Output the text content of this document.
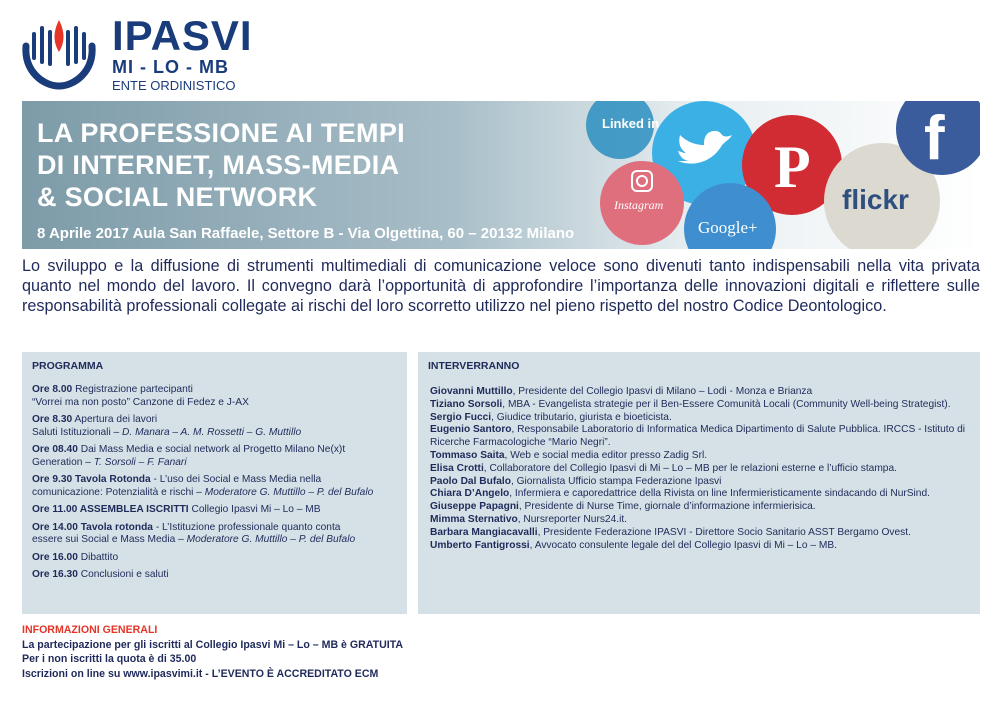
IPASVI
MI - LO - MB
ENTE ORDINISTICO
LA PROFESSIONE AI TEMPI
DI INTERNET, MASS-MEDIA
& SOCIAL NETWORK
8 Aprile 2017 Aula San Raffaele, Settore B - Via Olgettina, 60 – 20132 Milano
Linked in
Instagram
P
Google+
flickr
f
Lo sviluppo e la diffusione di strumenti multimediali di comunicazione veloce sono divenuti tanto indispensabili nella vita privata quanto nel mondo del lavoro. Il convegno darà l’opportunità di approfondire l’importanza delle innovazioni digitali e riflettere sulle responsabilità professionali collegate ai rischi del loro scorretto utilizzo nel pieno rispetto del nostro Codice Deontologico.
PROGRAMMA
Ore 8.00 Registrazione partecipanti
“Vorrei ma non posto” Canzone di Fedez e J-AX
Ore 8.30 Apertura dei lavori
Saluti Istituzionali – D. Manara – A. M. Rossetti – G. Muttillo
Ore 08.40 Dai Mass Media e social network al Progetto Milano Ne(x)t
Generation – T. Sorsoli – F. Fanari
Ore 9.30 Tavola Rotonda - L’uso dei Social e Mass Media nella
comunicazione: Potenzialità e rischi – Moderatore G. Muttillo – P. del Bufalo
Ore 11.00 ASSEMBLEA ISCRITTI Collegio Ipasvi Mi – Lo – MB
Ore 14.00 Tavola rotonda - L’Istituzione professionale quanto conta
essere sui Social e Mass Media – Moderatore G. Muttillo – P. del Bufalo
Ore 16.00 Dibattito
Ore 16.30 Conclusioni e saluti
INTERVERRANNO
Giovanni Muttillo, Presidente del Collegio Ipasvi di Milano – Lodi - Monza e Brianza
Tiziano Sorsoli, MBA - Evangelista strategie per il Ben-Essere Comunità Locali (Community Well-being Strategist).
Sergio Fucci, Giudice tributario, giurista e bioeticista.
Eugenio Santoro, Responsabile Laboratorio di Informatica Medica Dipartimento di Salute Pubblica. IRCCS - Istituto di Ricerche Farmacologiche “Mario Negri”.
Tommaso Saita, Web e social media editor presso Zadig Srl.
Elisa Crotti, Collaboratore del Collegio Ipasvi di Mi – Lo – MB per le relazioni esterne e l’ufficio stampa.
Paolo Dal Bufalo, Giornalista Ufficio stampa Federazione Ipasvi
Chiara D’Angelo, Infermiera e caporedattrice della Rivista on line Infermieristicamente sindacando di NurSind.
Giuseppe Papagni, Presidente di Nurse Time, giornale d’informazione infermierisica.
Mimma Sternativo, Nursreporter Nurs24.it.
Barbara Mangiacavalli, Presidente Federazione IPASVI - Direttore Socio Sanitario ASST Bergamo Ovest.
Umberto Fantigrossi, Avvocato consulente legale del del Collegio Ipasvi di Mi – Lo – MB.
INFORMAZIONI GENERALI
La partecipazione per gli iscritti al Collegio Ipasvi Mi – Lo – MB è GRATUITA
Per i non iscritti la quota è di 35.00
Iscrizioni on line su www.ipasvimi.it - L’EVENTO È ACCREDITATO ECM
